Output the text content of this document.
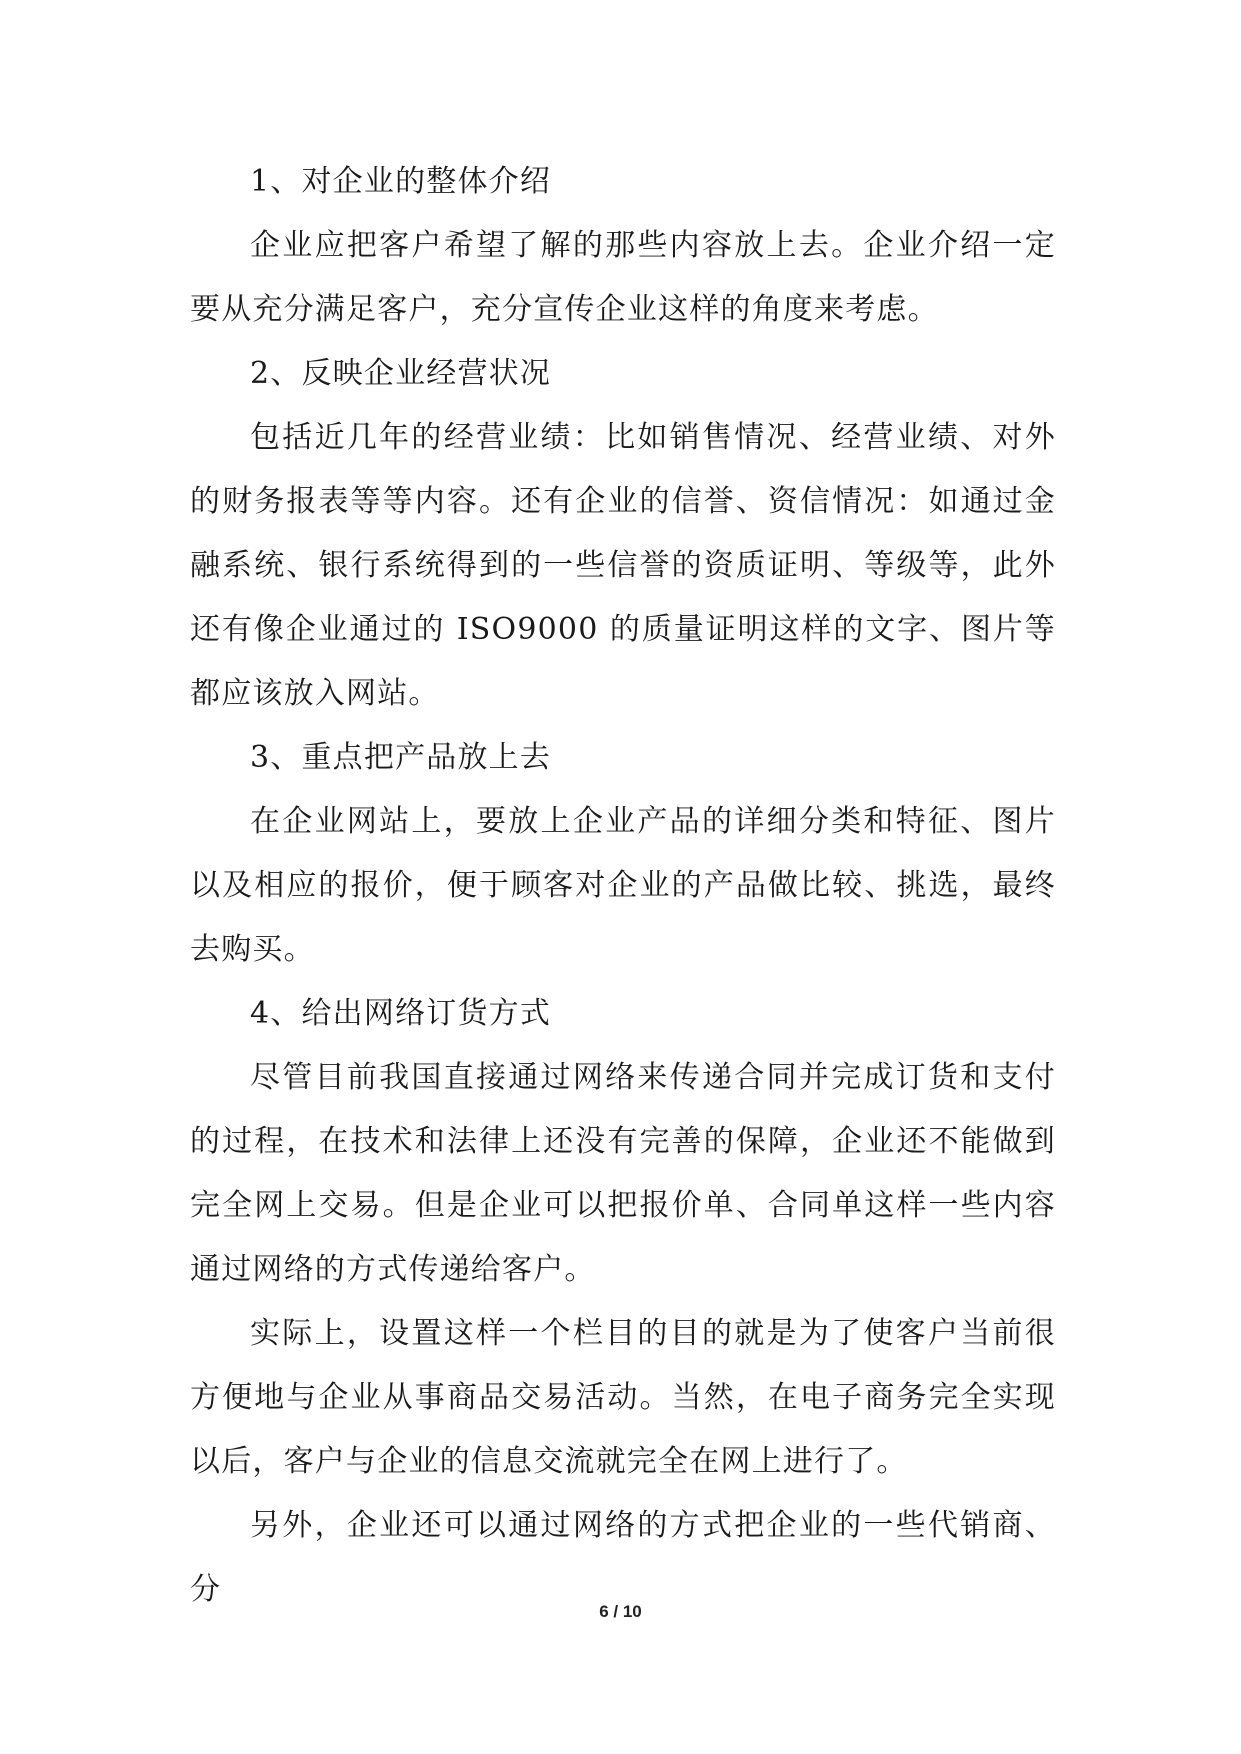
1、对企业的整体介绍

企业应把客户希望了解的那些内容放上去。企业介绍一定要从充分满足客户，充分宣传企业这样的角度来考虑。

2、反映企业经营状况

包括近几年的经营业绩：比如销售情况、经营业绩、对外的财务报表等等内容。还有企业的信誉、资信情况：如通过金融系统、银行系统得到的一些信誉的资质证明、等级等，此外还有像企业通过的 ISO9000 的质量证明这样的文字、图片等都应该放入网站。

3、重点把产品放上去

在企业网站上，要放上企业产品的详细分类和特征、图片以及相应的报价，便于顾客对企业的产品做比较、挑选，最终去购买。

4、给出网络订货方式

尽管目前我国直接通过网络来传递合同并完成订货和支付的过程，在技术和法律上还没有完善的保障，企业还不能做到完全网上交易。但是企业可以把报价单、合同单这样一些内容通过网络的方式传递给客户。

实际上，设置这样一个栏目的目的就是为了使客户当前很方便地与企业从事商品交易活动。当然，在电子商务完全实现以后，客户与企业的信息交流就完全在网上进行了。

另外，企业还可以通过网络的方式把企业的一些代销商、分

6 / 10
